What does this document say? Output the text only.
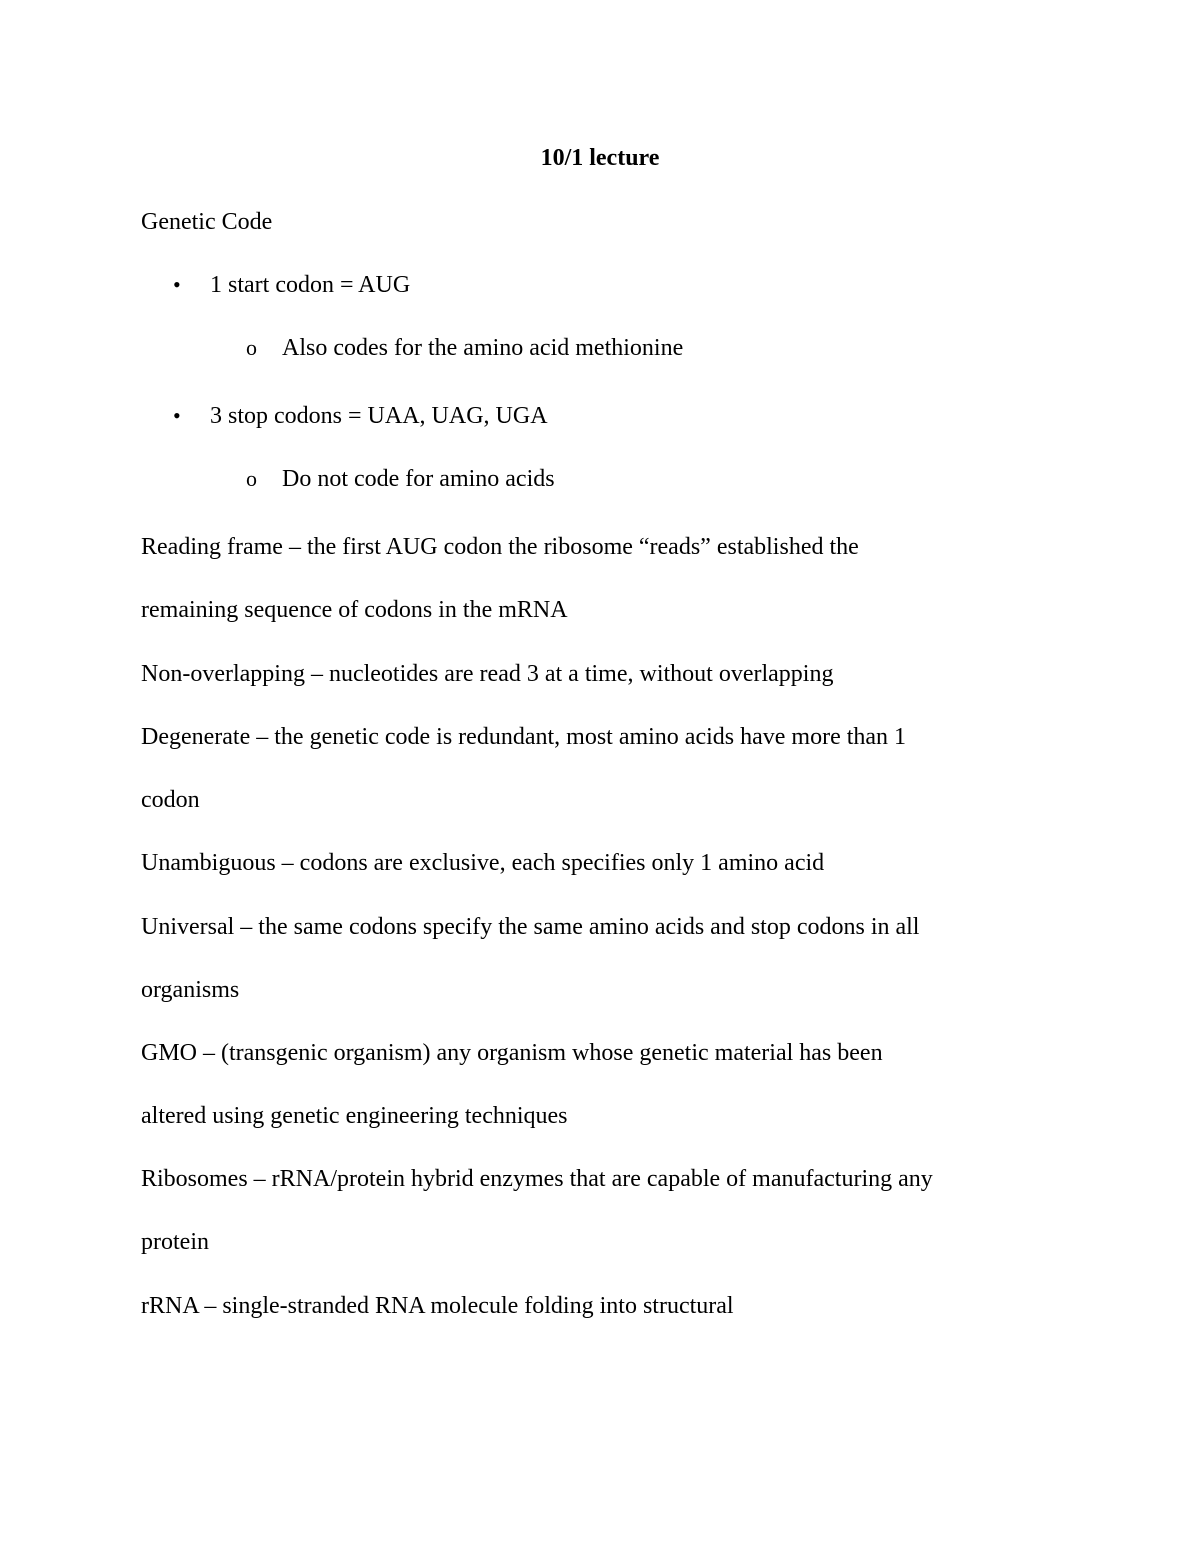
10/1 lecture
Genetic Code
• 1 start codon = AUG
o Also codes for the amino acid methionine
• 3 stop codons = UAA, UAG, UGA
o Do not code for amino acids
Reading frame – the first AUG codon the ribosome “reads” established the
remaining sequence of codons in the mRNA
Non-overlapping – nucleotides are read 3 at a time, without overlapping
Degenerate – the genetic code is redundant, most amino acids have more than 1
codon
Unambiguous – codons are exclusive, each specifies only 1 amino acid
Universal – the same codons specify the same amino acids and stop codons in all
organisms
GMO – (transgenic organism) any organism whose genetic material has been
altered using genetic engineering techniques
Ribosomes – rRNA/protein hybrid enzymes that are capable of manufacturing any
protein
rRNA – single-stranded RNA molecule folding into structural
